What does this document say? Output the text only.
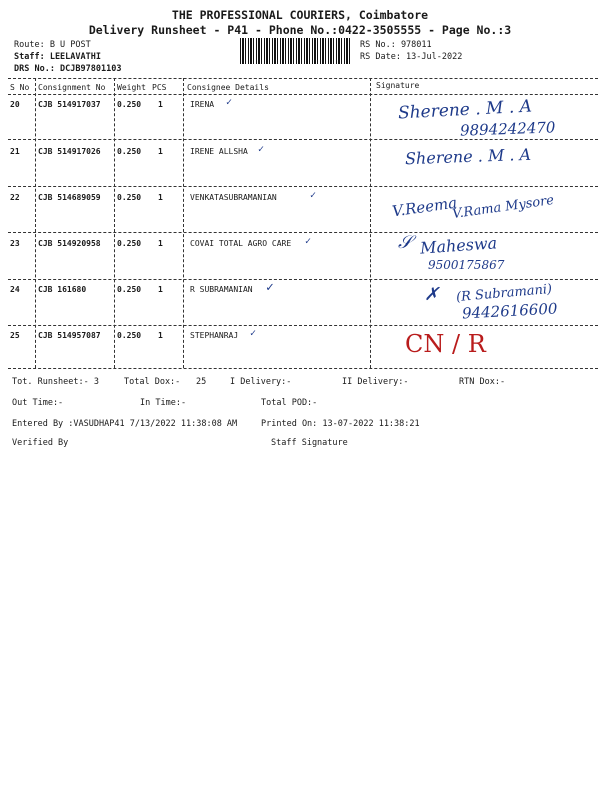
THE PROFESSIONAL COURIERS, Coimbatore
Delivery Runsheet - P41 - Phone No.:0422-3505555 - Page No.:3
Route: B U POST
Staff: LEELAVATHI
DRS No.: DCJB97801103
RS No.: 978011
RS Date: 13-Jul-2022
S No Consignment No Weight PCS	Consignee Details	Signature
20 CJB 514917037 0.250 1	IRENA ✓	Sherene . M . A
9894242470
21 CJB 514917026 0.250 1	IRENE ALLSHA ✓	Sherene . M . A
22 CJB 514689059 0.250 1	VENKATASUBRAMANIAN	✓	V.Reema
V.Rama Mysore
23 CJB 514920958 0.250 1	COVAI TOTAL AGRO CARE ✓	𝒮 Maheswa
9500175867
24 CJB 161680	0.250 1	R SUBRAMANIAN ✓	✗ (R Subramani)
9442616600
25 CJB 514957087 0.250 1	STEPHANRAJ ✓	CN / R
Tot. Runsheet:- 3	Total Dox:- 25	I Delivery:-	II Delivery:-	RTN Dox:-
Out Time:-	In Time:-	Total POD:-
Entered By :VASUDHAP41 7/13/2022 11:38:08 AM	Printed On: 13-07-2022 11:38:21
Verified By	Staff Signature
